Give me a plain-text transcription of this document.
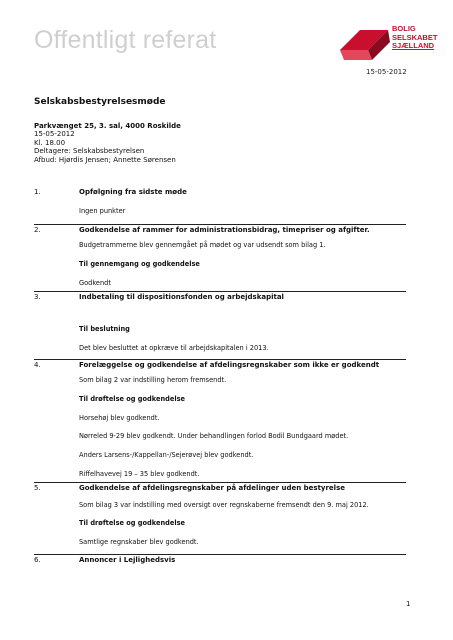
Offentligt referat	BOLIG
SELSKABET
SJÆLLAND
15-05-2012
Selskabsbestyrelsesmøde
Parkvænget 25, 3. sal, 4000 Roskilde
15-05-2012
Kl. 18.00
Deltagere: Selskabsbestyrelsen
Afbud: Hjørdis Jensen; Annette Sørensen
1.	Opfølgning fra sidste møde
Ingen punkter
2.	Godkendelse af rammer for administrationsbidrag, timepriser og afgifter.
Budgetrammerne blev gennemgået på mødet og var udsendt som bilag 1.
Til gennemgang og godkendelse
Godkendt
3.	Indbetaling til dispositionsfonden og arbejdskapital
Til beslutning
Det blev besluttet at opkræve til arbejdskapitalen i 2013.
4.	Forelæggelse og godkendelse af afdelingsregnskaber som ikke er godkendt
Som bilag 2 var indstilling herom fremsendt.
Til drøftelse og godkendelse
Horsehøj blev godkendt.
Nørreled 9-29 blev godkendt. Under behandlingen forlod Bodil Bundgaard mødet.
Anders Larsens-/Kappellan-/Sejerøvej blev godkendt.
Riffelhavevej 19 – 35 blev godkendt.
5.	Godkendelse af afdelingsregnskaber på afdelinger uden bestyrelse
Som bilag 3 var indstilling med oversigt over regnskaberne fremsendt den 9. maj 2012.
Til drøftelse og godkendelse
Samtlige regnskaber blev godkendt.
6.	Annoncer i Lejlighedsvis
1
